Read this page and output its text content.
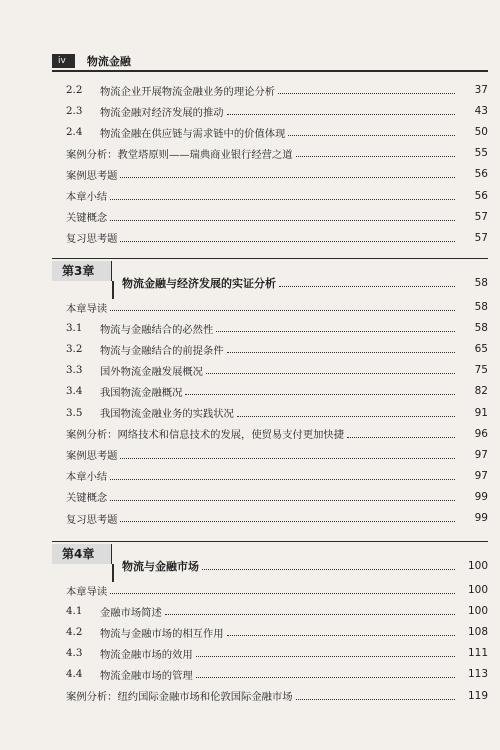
iv	物流金融
2.2	物流企业开展物流金融业务的理论分析	37
2.3	物流金融对经济发展的推动	43
2.4	物流金融在供应链与需求链中的价值体现	50
案例分析：教堂塔原则——瑞典商业银行经营之道	55
案例思考题	56
本章小结	56
关键概念	57
复习思考题	57
第3章
物流金融与经济发展的实证分析	58
本章导读	58
3.1	物流与金融结合的必然性	58
3.2	物流与金融结合的前提条件	65
3.3	国外物流金融发展概况	75
3.4	我国物流金融概况	82
3.5	我国物流金融业务的实践状况	91
案例分析：网络技术和信息技术的发展，使贸易支付更加快捷	96
案例思考题	97
本章小结	97
关键概念	99
复习思考题	99
第4章
物流与金融市场	100
本章导读	100
4.1	金融市场简述	100
4.2	物流与金融市场的相互作用	108
4.3	物流金融市场的效用	111
4.4	物流金融市场的管理	113
案例分析：纽约国际金融市场和伦敦国际金融市场	119
